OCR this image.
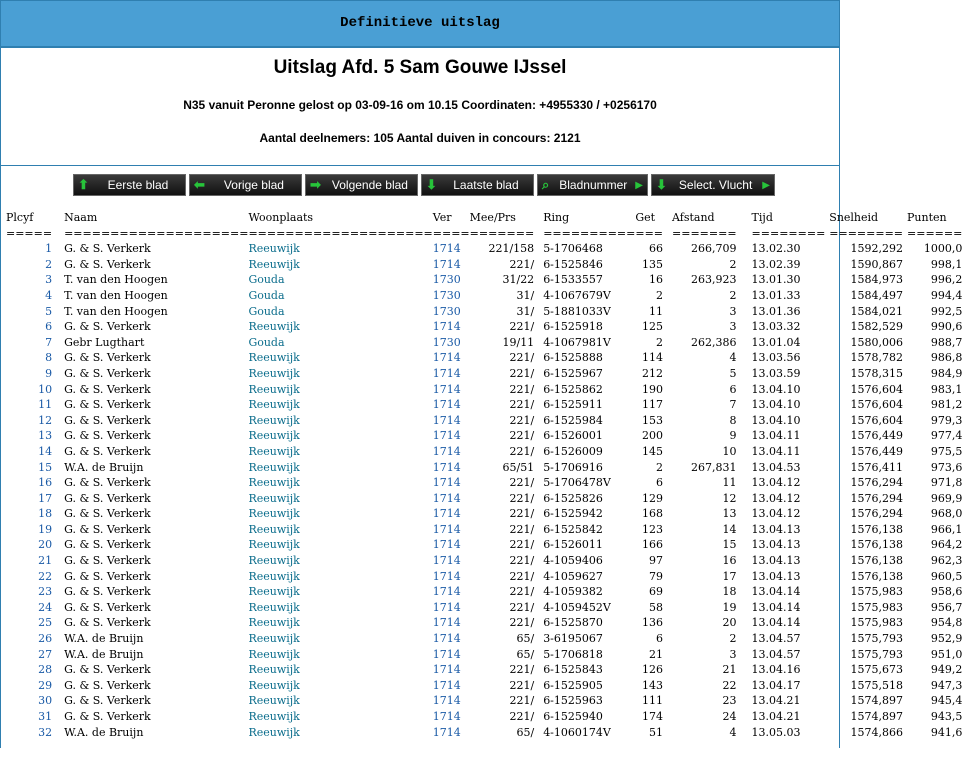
Definitieve uitslag
Uitslag Afd. 5 Sam Gouwe IJssel
N35 vanuit Peronne gelost op 03-09-16 om 10.15 Coordinaten: +4955330 / +0256170
Aantal deelnemers: 105 Aantal duiven in concours: 2121
⬆	Eerste blad	⬅	Vorige blad	➡ Volgende blad	⬇	Laatste blad	⌕ Bladnummer ▶ ⬇	Select. Vlucht	▶
Plcyf	Naam	Woonplaats	Ver	Mee/Prs	Ring	Get	Afstand	Tijd	Snelheid	Punten
=====	====================	====================	====	=======	==========	===	=======	========	========	======
1	G. & S. Verkerk	Reeuwijk	1714	221/158	5-1706468	66	266,709	13.02.30	1592,292	1000,0
2	G. & S. Verkerk	Reeuwijk	1714	221/	6-1525846	135	2	13.02.39	1590,867	998,1
3	T. van den Hoogen	Gouda	1730	31/22	6-1533557	16	263,923	13.01.30	1584,973	996,2
4	T. van den Hoogen	Gouda	1730	31/	4-1067679V	2	2	13.01.33	1584,497	994,4
5	T. van den Hoogen	Gouda	1730	31/	5-1881033V	11	3	13.01.36	1584,021	992,5
6	G. & S. Verkerk	Reeuwijk	1714	221/	6-1525918	125	3	13.03.32	1582,529	990,6
7	Gebr Lugthart	Gouda	1730	19/11	4-1067981V	2	262,386	13.01.04	1580,006	988,7
8	G. & S. Verkerk	Reeuwijk	1714	221/	6-1525888	114	4	13.03.56	1578,782	986,8
9	G. & S. Verkerk	Reeuwijk	1714	221/	6-1525967	212	5	13.03.59	1578,315	984,9
10	G. & S. Verkerk	Reeuwijk	1714	221/	6-1525862	190	6	13.04.10	1576,604	983,1
11	G. & S. Verkerk	Reeuwijk	1714	221/	6-1525911	117	7	13.04.10	1576,604	981,2
12	G. & S. Verkerk	Reeuwijk	1714	221/	6-1525984	153	8	13.04.10	1576,604	979,3
13	G. & S. Verkerk	Reeuwijk	1714	221/	6-1526001	200	9	13.04.11	1576,449	977,4
14	G. & S. Verkerk	Reeuwijk	1714	221/	6-1526009	145	10	13.04.11	1576,449	975,5
15	W.A. de Bruijn	Reeuwijk	1714	65/51	5-1706916	2	267,831	13.04.53	1576,411	973,6
16	G. & S. Verkerk	Reeuwijk	1714	221/	5-1706478V	6	11	13.04.12	1576,294	971,8
17	G. & S. Verkerk	Reeuwijk	1714	221/	6-1525826	129	12	13.04.12	1576,294	969,9
18	G. & S. Verkerk	Reeuwijk	1714	221/	6-1525942	168	13	13.04.12	1576,294	968,0
19	G. & S. Verkerk	Reeuwijk	1714	221/	6-1525842	123	14	13.04.13	1576,138	966,1
20	G. & S. Verkerk	Reeuwijk	1714	221/	6-1526011	166	15	13.04.13	1576,138	964,2
21	G. & S. Verkerk	Reeuwijk	1714	221/	4-1059406	97	16	13.04.13	1576,138	962,3
22	G. & S. Verkerk	Reeuwijk	1714	221/	4-1059627	79	17	13.04.13	1576,138	960,5
23	G. & S. Verkerk	Reeuwijk	1714	221/	4-1059382	69	18	13.04.14	1575,983	958,6
24	G. & S. Verkerk	Reeuwijk	1714	221/	4-1059452V	58	19	13.04.14	1575,983	956,7
25	G. & S. Verkerk	Reeuwijk	1714	221/	6-1525870	136	20	13.04.14	1575,983	954,8
26	W.A. de Bruijn	Reeuwijk	1714	65/	3-6195067	6	2	13.04.57	1575,793	952,9
27	W.A. de Bruijn	Reeuwijk	1714	65/	5-1706818	21	3	13.04.57	1575,793	951,0
28	G. & S. Verkerk	Reeuwijk	1714	221/	6-1525843	126	21	13.04.16	1575,673	949,2
29	G. & S. Verkerk	Reeuwijk	1714	221/	6-1525905	143	22	13.04.17	1575,518	947,3
30	G. & S. Verkerk	Reeuwijk	1714	221/	6-1525963	111	23	13.04.21	1574,897	945,4
31	G. & S. Verkerk	Reeuwijk	1714	221/	6-1525940	174	24	13.04.21	1574,897	943,5
32	W.A. de Bruijn	Reeuwijk	1714	65/	4-1060174V	51	4	13.05.03	1574,866	941,6
